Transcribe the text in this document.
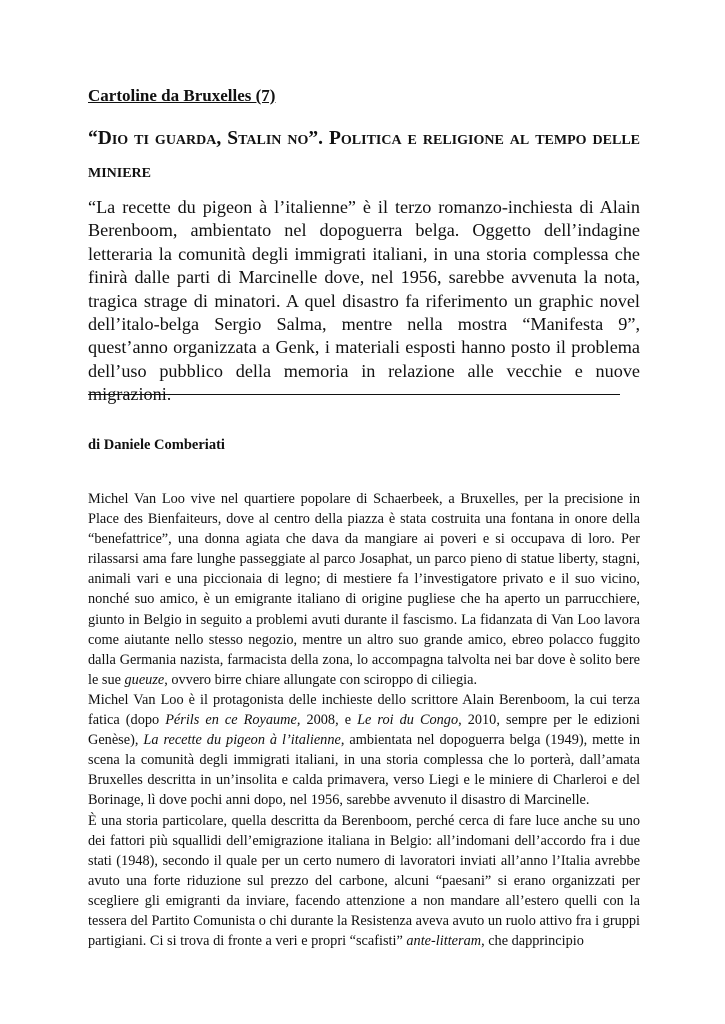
Cartoline da Bruxelles (7)
“Dio ti guarda, Stalin no”. Politica e religione al tempo delle miniere

“La recette du pigeon à l’italienne” è il terzo romanzo-inchiesta di Alain Berenboom, ambientato nel dopoguerra belga. Oggetto dell’indagine letteraria la comunità degli immigrati italiani, in una storia complessa che finirà dalle parti di Marcinelle dove, nel 1956, sarebbe avvenuta la nota, tragica strage di minatori. A quel disastro fa riferimento un graphic novel dell’italo-belga Sergio Salma, mentre nella mostra “Manifesta 9”, quest’anno organizzata a Genk, i materiali esposti hanno posto il problema dell’uso pubblico della memoria in relazione alle vecchie e nuove migrazioni.

di Daniele Comberiati

Michel Van Loo vive nel quartiere popolare di Schaerbeek, a Bruxelles, per la precisione in Place des Bienfaiteurs, dove al centro della piazza è stata costruita una fontana in onore della “benefattrice”, una donna agiata che dava da mangiare ai poveri e si occupava di loro. Per rilassarsi ama fare lunghe passeggiate al parco Josaphat, un parco pieno di statue liberty, stagni, animali vari e una piccionaia di legno; di mestiere fa l’investigatore privato e il suo vicino, nonché suo amico, è un emigrante italiano di origine pugliese che ha aperto un parrucchiere, giunto in Belgio in seguito a problemi avuti durante il fascismo. La fidanzata di Van Loo lavora come aiutante nello stesso negozio, mentre un altro suo grande amico, ebreo polacco fuggito dalla Germania nazista, farmacista della zona, lo accompagna talvolta nei bar dove è solito bere le sue gueuze, ovvero birre chiare allungate con sciroppo di ciliegia.

Michel Van Loo è il protagonista delle inchieste dello scrittore Alain Berenboom, la cui terza fatica (dopo Périls en ce Royaume, 2008, e Le roi du Congo, 2010, sempre per le edizioni Genèse), La recette du pigeon à l’italienne, ambientata nel dopoguerra belga (1949), mette in scena la comunità degli immigrati italiani, in una storia complessa che lo porterà, dall’amata Bruxelles descritta in un’insolita e calda primavera, verso Liegi e le miniere di Charleroi e del Borinage, lì dove pochi anni dopo, nel 1956, sarebbe avvenuto il disastro di Marcinelle.

È una storia particolare, quella descritta da Berenboom, perché cerca di fare luce anche su uno dei fattori più squallidi dell’emigrazione italiana in Belgio: all’indomani dell’accordo fra i due stati (1948), secondo il quale per un certo numero di lavoratori inviati all’anno l’Italia avrebbe avuto una forte riduzione sul prezzo del carbone, alcuni “paesani” si erano organizzati per scegliere gli emigranti da inviare, facendo attenzione a non mandare all’estero quelli con la tessera del Partito Comunista o chi durante la Resistenza aveva avuto un ruolo attivo fra i gruppi partigiani. Ci si trova di fronte a veri e propri “scafisti” ante-litteram, che dapprincipio
